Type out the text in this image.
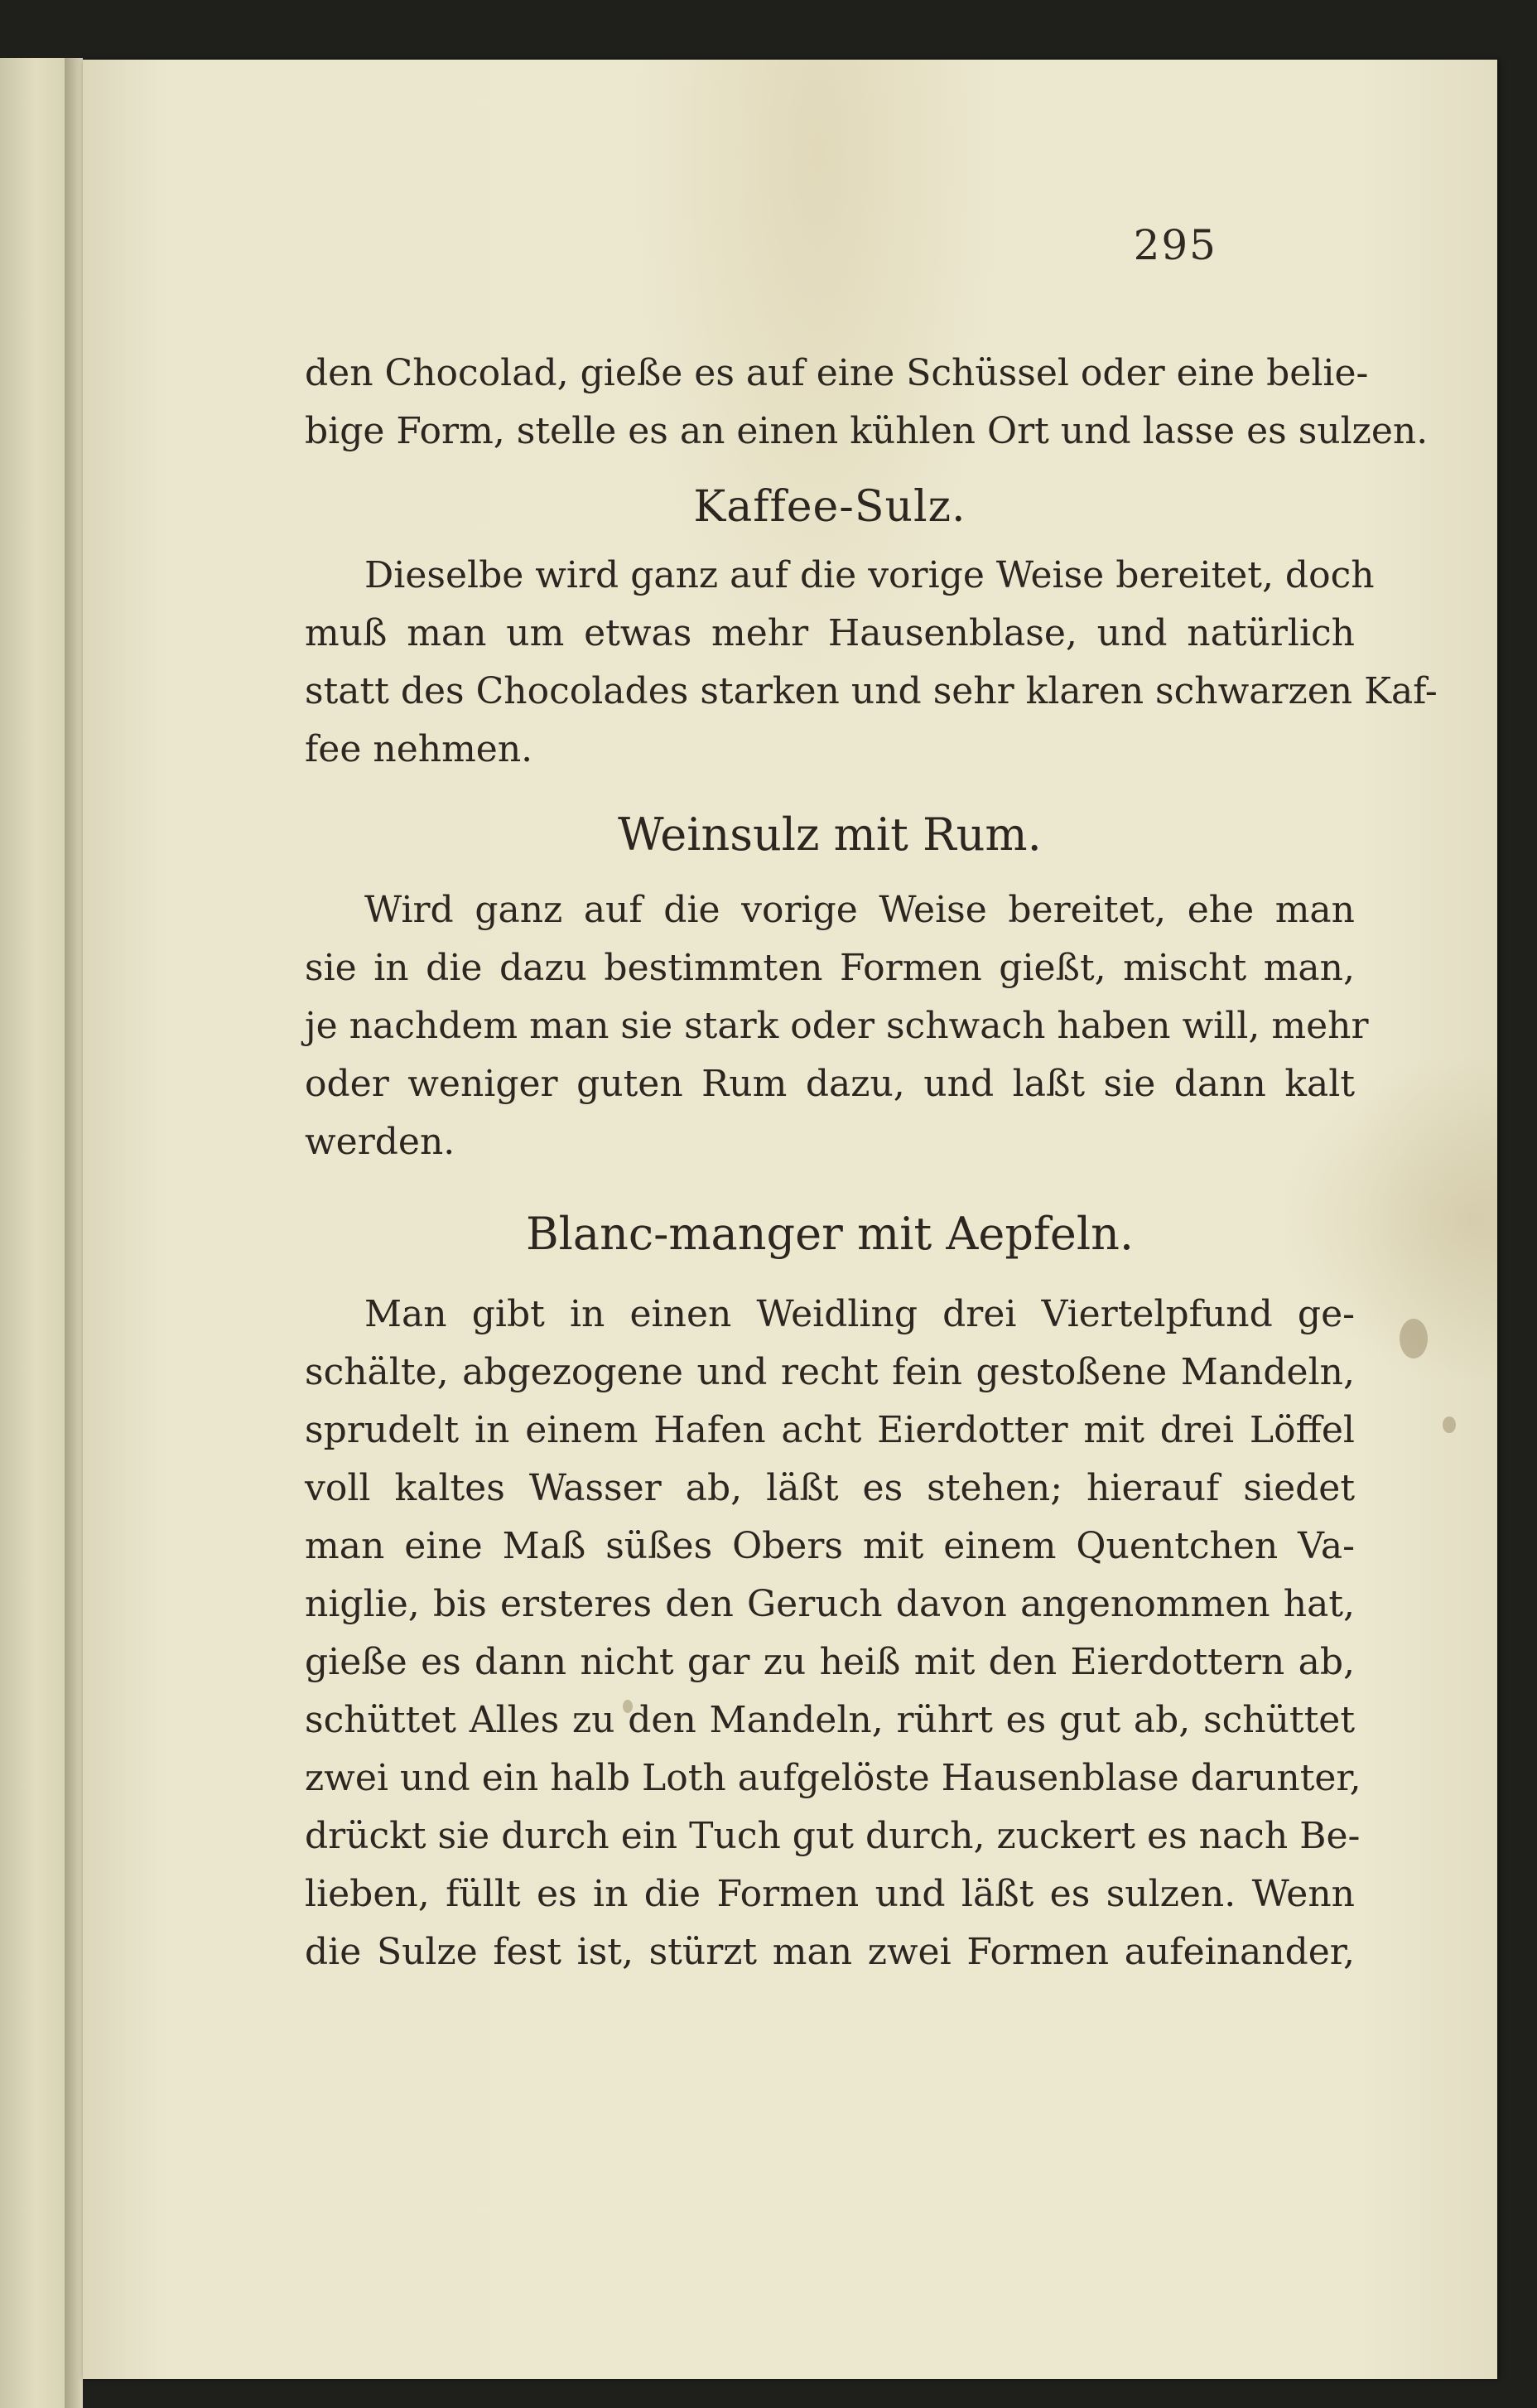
295

den Chocolad, gieße es auf eine Schüssel oder eine belie-

bige Form, stelle es an einen kühlen Ort und lasse es sulzen.

Kaffee-Sulz.

Dieselbe wird ganz auf die vorige Weise bereitet, doch

muß man um etwas mehr Hausenblase, und natürlich

statt des Chocolades starken und sehr klaren schwarzen Kaf-

fee nehmen.

Weinsulz mit Rum.

Wird ganz auf die vorige Weise bereitet, ehe man

sie in die dazu bestimmten Formen gießt, mischt man,

je nachdem man sie stark oder schwach haben will, mehr

oder weniger guten Rum dazu, und laßt sie dann kalt

werden.

Blanc-manger mit Aepfeln.

Man gibt in einen Weidling drei Viertelpfund ge-

schälte, abgezogene und recht fein gestoßene Mandeln,

sprudelt in einem Hafen acht Eierdotter mit drei Löffel

voll kaltes Wasser ab, läßt es stehen; hierauf siedet

man eine Maß süßes Obers mit einem Quentchen Va-

niglie, bis ersteres den Geruch davon angenommen hat,

gieße es dann nicht gar zu heiß mit den Eierdottern ab,

schüttet Alles zu den Mandeln, rührt es gut ab, schüttet

zwei und ein halb Loth aufgelöste Hausenblase darunter,

drückt sie durch ein Tuch gut durch, zuckert es nach Be-

lieben, füllt es in die Formen und läßt es sulzen. Wenn

die Sulze fest ist, stürzt man zwei Formen aufeinander,
